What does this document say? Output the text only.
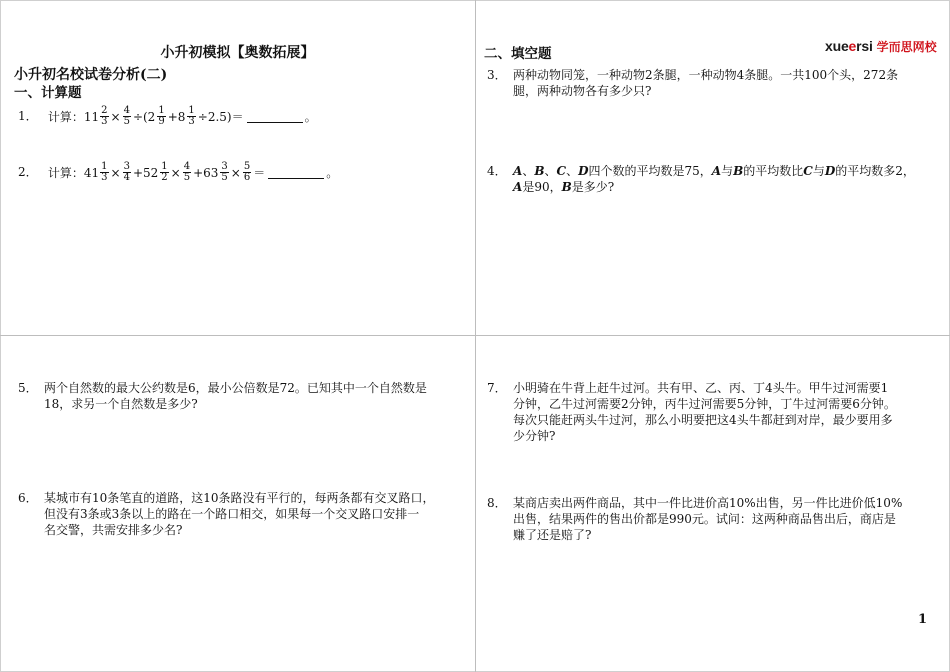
小升初模拟【奥数拓展】
小升初名校试卷分析(二)
一、计算题
二、填空题	xueersi 学而思网校
1． 计算： $11 \frac{2}{3} \times \frac{4}{5} \div(2 \frac{1}{9} +8 \frac{1}{3} \div 2.5)=$	。
2． 计算： $41 \frac{1}{3} \times \frac{3}{4} +52 \frac{1}{2} \times \frac{4}{5} +63 \frac{3}{5} \times \frac{5}{6}$ ＝	。
3． 两种动物同笼，一种动物2条腿，一种动物4条腿。一共100个头，272条
腿，两种动物各有多少只?
4． A、B、C、D四个数的平均数是75，A与B的平均数比C与D的平均数多2，
A是90，B是多少?
5． 两个自然数的最大公约数是6，最小公倍数是72。已知其中一个自然数是
18，求另一个自然数是多少?
6． 某城市有10条笔直的道路，这10条路没有平行的，每两条都有交叉路口，
但没有3条或3条以上的路在一个路口相交，如果每一个交叉路口安排一
名交警，共需安排多少名?
7． 小明骑在牛背上赶牛过河。共有甲、乙、丙、丁4头牛。甲牛过河需要1
分钟，乙牛过河需要2分钟，丙牛过河需要5分钟，丁牛过河需要6分钟。
每次只能赶两头牛过河，那么小明要把这4头牛都赶到对岸，最少要用多
少分钟?
8． 某商店卖出两件商品，其中一件比进价高10%出售，另一件比进价低10%
出售，结果两件的售出价都是990元。试问：这两种商品售出后，商店是
赚了还是赔了?
1
